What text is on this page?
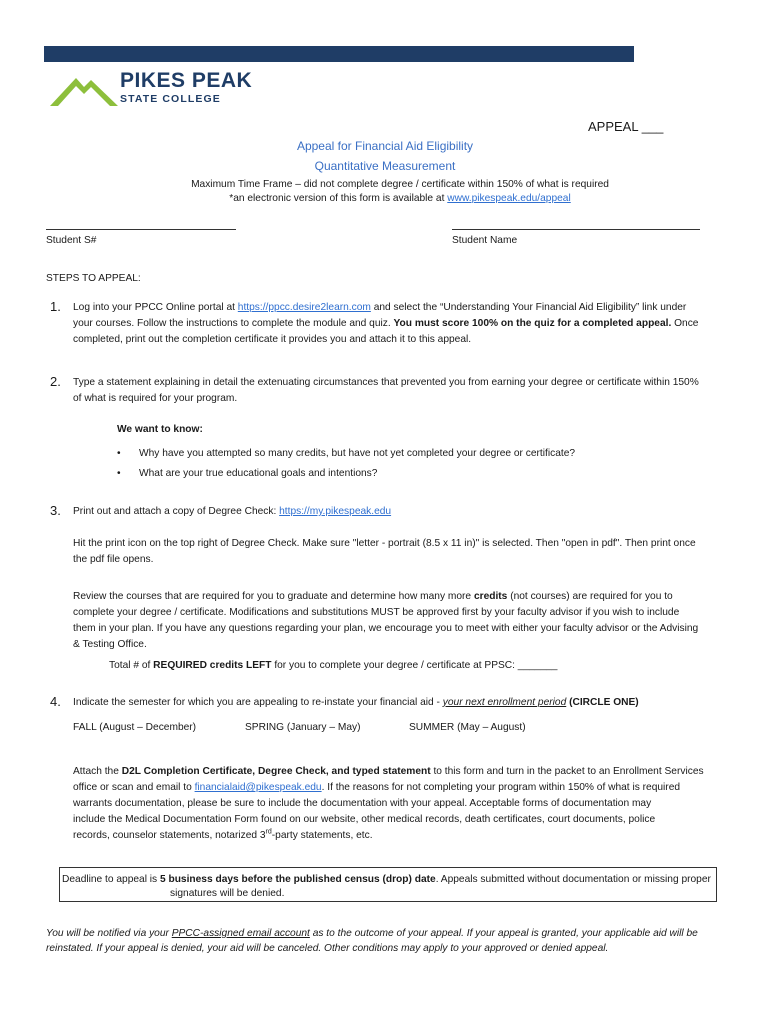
PIKES PEAK
STATE COLLEGE
APPEAL ___
Appeal for Financial Aid Eligibility
Quantitative Measurement
Maximum Time Frame – did not complete degree / certificate within 150% of what is required
*an electronic version of this form is available at www.pikespeak.edu/appeal
Student S#	Student Name
STEPS TO APPEAL:
1. Log into your PPCC Online portal at https://ppcc.desire2learn.com and select the “Understanding Your Financial Aid Eligibility” link under
your courses. Follow the instructions to complete the module and quiz. You must score 100% on the quiz for a completed appeal. Once
completed, print out the completion certificate it provides you and attach it to this appeal.
2. Type a statement explaining in detail the extenuating circumstances that prevented you from earning your degree or certificate within 150%
of what is required for your program.
We want to know:
• Why have you attempted so many credits, but have not yet completed your degree or certificate?
• What are your true educational goals and intentions?
3. Print out and attach a copy of Degree Check: https://my.pikespeak.edu
Hit the print icon on the top right of Degree Check. Make sure "letter - portrait (8.5 x 11 in)" is selected. Then "open in pdf". Then print once
the pdf file opens.
Review the courses that are required for you to graduate and determine how many more credits (not courses) are required for you to
complete your degree / certificate. Modifications and substitutions MUST be approved first by your faculty advisor if you wish to include
them in your plan. If you have any questions regarding your plan, we encourage you to meet with either your faculty advisor or the Advising
& Testing Office.
Total # of REQUIRED credits LEFT for you to complete your degree / certificate at PPSC: _______
4. Indicate the semester for which you are appealing to re-instate your financial aid - your next enrollment period (CIRCLE ONE)
FALL (August – December)	SPRING (January – May)	SUMMER (May – August)
Attach the D2L Completion Certificate, Degree Check, and typed statement to this form and turn in the packet to an Enrollment Services
office or scan and email to financialaid@pikespeak.edu. If the reasons for not completing your program within 150% of what is required
warrants documentation, please be sure to include the documentation with your appeal. Acceptable forms of documentation may
include the Medical Documentation Form found on our website, other medical records, death certificates, court documents, police
records, counselor statements, notarized 3rd-party statements, etc.
Deadline to appeal is 5 business days before the published census (drop) date. Appeals submitted without documentation or missing proper
signatures will be denied.
You will be notified via your PPCC-assigned email account as to the outcome of your appeal. If your appeal is granted, your applicable aid will be
reinstated. If your appeal is denied, your aid will be canceled. Other conditions may apply to your approved or denied appeal.
